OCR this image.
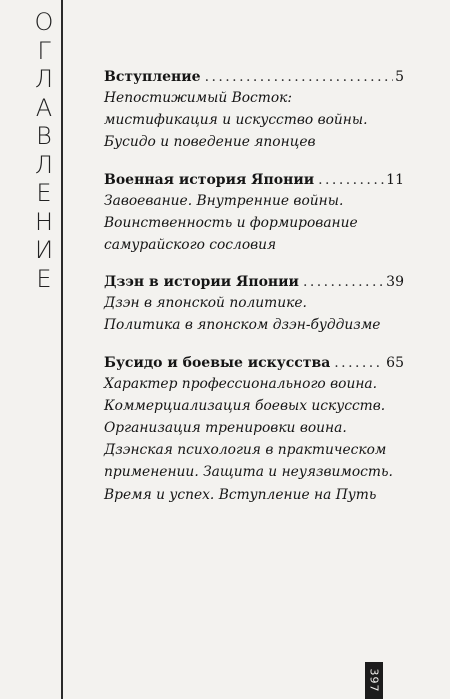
О
Г
Л
А
В
Л
Е
Н
И
Е
Вступление . . .	5

Непостижимый Восток:

мистификация и искусство войны.

Бусидо и поведение японцев

Военная история Японии . . .	11

Завоевание. Внутренние войны.

Воинственность и формирование

самурайского сословия

Дзэн в истории Японии . . .	39

Дзэн в японской политике.

Политика в японском дзэн-буддизме

Бусидо и боевые искусства . . .	65

Характер профессионального воина.

Коммерциализация боевых искусств.

Организация тренировки воина.

Дзэнская психология в практическом

применении. Защита и неуязвимость.

Время и успех. Вступление на Путь

397
